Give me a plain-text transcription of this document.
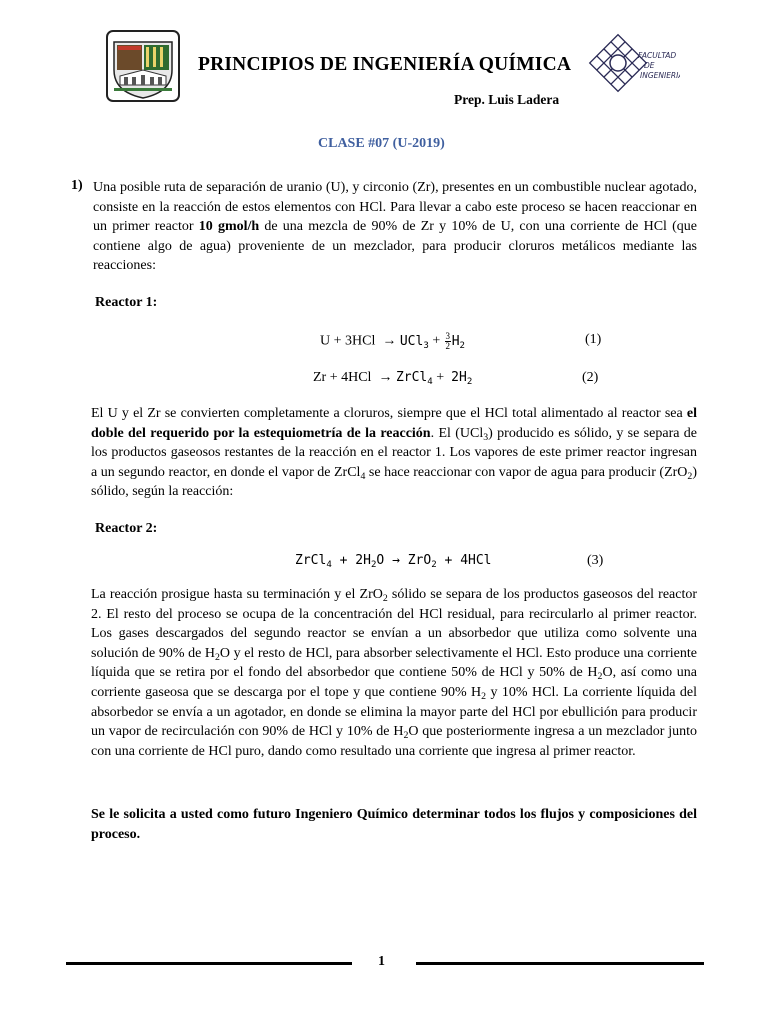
PRINCIPIOS DE INGENIERÍA QUÍMICA
Prep. Luis Ladera
FACULTAD
DE
INGENIERIA
CLASE #07 (U-2019)
1) Una posible ruta de separación de uranio (U), y circonio (Zr), presentes en un combustible nuclear agotado, consiste en la reacción de estos elementos con HCl. Para llevar a cabo este proceso se hacen reaccionar en un primer reactor 10 gmol/h de una mezcla de 90% de Zr y 10% de U, con una corriente de HCl (que contiene algo de agua) proveniente de un mezclador, para producir cloruros metálicos mediante las reacciones:
Reactor 1:
$U + 3HCl \to UCl_3 + \frac{3}{2} H_2$	(1)
Zr + 4HCl → ZrCl$_4$ + $2H_2$	(2)
El U y el Zr se convierten completamente a cloruros, siempre que el HCl total alimentado al reactor sea el doble del requerido por la estequiometría de la reacción. El (UCl$_3$) producido es sólido, y se separa de los productos gaseosos restantes de la reacción en el reactor 1. Los vapores de este primer reactor ingresan a un segundo reactor, en donde el vapor de ZrCl$_4$ se hace reaccionar con vapor de agua para producir (ZrO$_2$) sólido, según la reacción:
Reactor 2:
ZrCl$_4$ + $2H_2O \to ZrO_2 + 4HCl$	(3)
La reacción prosigue hasta su terminación y el ZrO$_2$ sólido se separa de los productos gaseosos del reactor 2. El resto del proceso se ocupa de la concentración del HCl residual, para recircularlo al primer reactor. Los gases descargados del segundo reactor se envían a un absorbedor que utiliza como solvente una solución de 90% de $H_2O$ y el resto de HCl, para absorber selectivamente el HCl. Esto produce una corriente líquida que se retira por el fondo del absorbedor que contiene 50% de HCl y 50% de $H_2O$, así como una corriente gaseosa que se descarga por el tope y que contiene 90% $H_2$ y 10% HCl. La corriente líquida del absorbedor se envía a un agotador, en donde se elimina la mayor parte del HCl por ebullición para producir un vapor de recirculación con 90% de HCl y 10% de $H_2O$ que posteriormente ingresa a un mezclador junto con una corriente de HCl puro, dando como resultado una corriente que ingresa al primer reactor.
Se le solicita a usted como futuro Ingeniero Químico determinar todos los flujos y composiciones del proceso.
1
